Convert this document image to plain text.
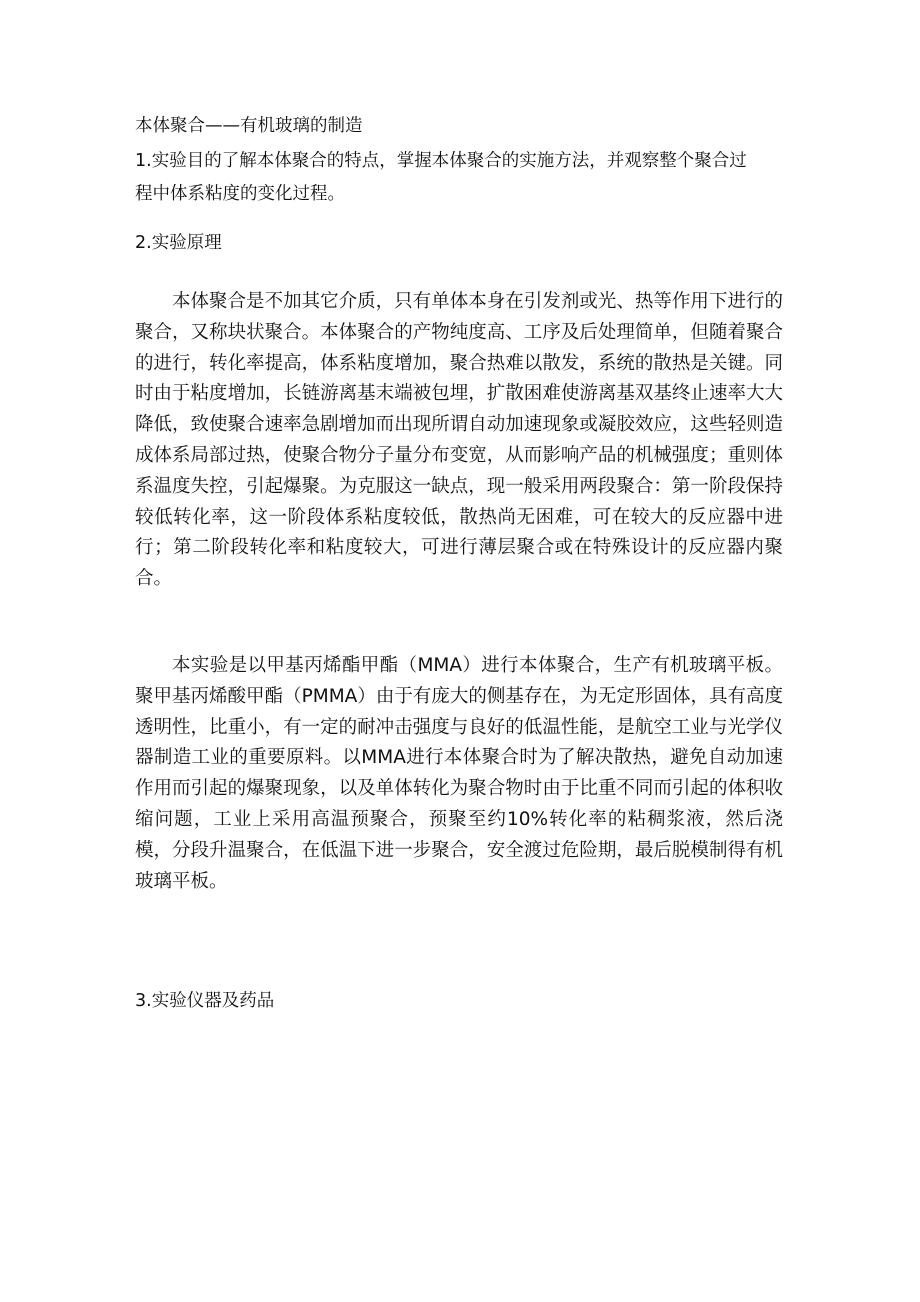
本体聚合——有机玻璃的制造

1.实验目的了解本体聚合的特点，掌握本体聚合的实施方法，并观察整个聚合过

程中体系粘度的变化过程。

2.实验原理

本体聚合是不加其它介质，只有单体本身在引发剂或光、热等作用下进行的聚合，又称块状聚合。本体聚合的产物纯度高、工序及后处理简单，但随着聚合的进行，转化率提高，体系粘度增加，聚合热难以散发，系统的散热是关键。同时由于粘度增加，长链游离基末端被包埋，扩散困难使游离基双基终止速率大大降低，致使聚合速率急剧增加而出现所谓自动加速现象或凝胶效应，这些轻则造成体系局部过热，使聚合物分子量分布变宽，从而影响产品的机械强度；重则体系温度失控，引起爆聚。为克服这一缺点，现一般采用两段聚合：第一阶段保持较低转化率，这一阶段体系粘度较低，散热尚无困难，可在较大的反应器中进行；第二阶段转化率和粘度较大，可进行薄层聚合或在特殊设计的反应器内聚合。

本实验是以甲基丙烯酯甲酯（MMA）进行本体聚合，生产有机玻璃平板。聚甲基丙烯酸甲酯（PMMA）由于有庞大的侧基存在，为无定形固体，具有高度透明性，比重小，有一定的耐冲击强度与良好的低温性能，是航空工业与光学仪器制造工业的重要原料。以MMA进行本体聚合时为了解决散热，避免自动加速作用而引起的爆聚现象，以及单体转化为聚合物时由于比重不同而引起的体积收缩问题，工业上采用高温预聚合，预聚至约10%转化率的粘稠浆液，然后浇模，分段升温聚合，在低温下进一步聚合，安全渡过危险期，最后脱模制得有机玻璃平板。

3.实验仪器及药品
